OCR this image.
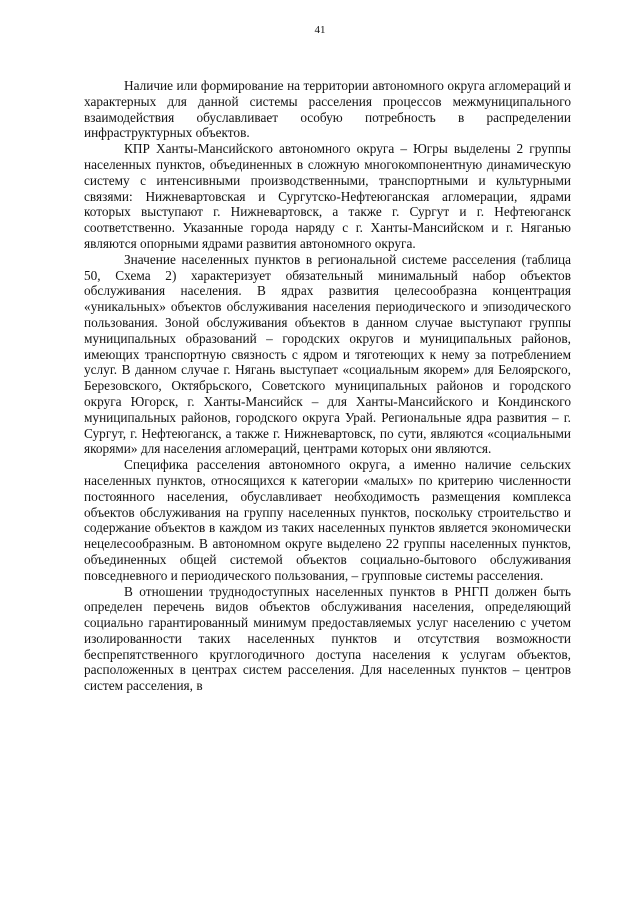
41

Наличие или формирование на территории автономного округа агломераций и характерных для данной системы расселения процессов межмуниципального взаимодействия обуславливает особую потребность в распределении инфраструктурных объектов.

КПР Ханты-Мансийского автономного округа – Югры выделены 2 группы населенных пунктов, объединенных в сложную многокомпонентную динамическую систему с интенсивными производственными, транспортными и культурными связями: Нижневартовская и Сургутско-Нефтеюганская агломерации, ядрами которых выступают г. Нижневартовск, а также г. Сургут и г. Нефтеюганск соответственно. Указанные города наряду с г. Ханты-Мансийском и г. Няганью являются опорными ядрами развития автономного округа.

Значение населенных пунктов в региональной системе расселения (таблица 50, Схема 2) характеризует обязательный минимальный набор объектов обслуживания населения. В ядрах развития целесообразна концентрация «уникальных» объектов обслуживания населения периодического и эпизодического пользования. Зоной обслуживания объектов в данном случае выступают группы муниципальных образований – городских округов и муниципальных районов, имеющих транспортную связность с ядром и тяготеющих к нему за потреблением услуг. В данном случае г. Нягань выступает «социальным якорем» для Белоярского, Березовского, Октябрьского, Советского муниципальных районов и городского округа Югорск, г. Ханты-Мансийск – для Ханты-Мансийского и Кондинского муниципальных районов, городского округа Урай. Региональные ядра развития – г. Сургут, г. Нефтеюганск, а также г. Нижневартовск, по сути, являются «социальными якорями» для населения агломераций, центрами которых они являются.

Специфика расселения автономного округа, а именно наличие сельских населенных пунктов, относящихся к категории «малых» по критерию численности постоянного населения, обуславливает необходимость размещения комплекса объектов обслуживания на группу населенных пунктов, поскольку строительство и содержание объектов в каждом из таких населенных пунктов является экономически нецелесообразным. В автономном округе выделено 22 группы населенных пунктов, объединенных общей системой объектов социально-бытового обслуживания повседневного и периодического пользования, – групповые системы расселения.

В отношении труднодоступных населенных пунктов в РНГП должен быть определен перечень видов объектов обслуживания населения, определяющий социально гарантированный минимум предоставляемых услуг населению с учетом изолированности таких населенных пунктов и отсутствия возможности беспрепятственного круглогодичного доступа населения к услугам объектов, расположенных в центрах систем расселения. Для населенных пунктов – центров систем расселения, в
